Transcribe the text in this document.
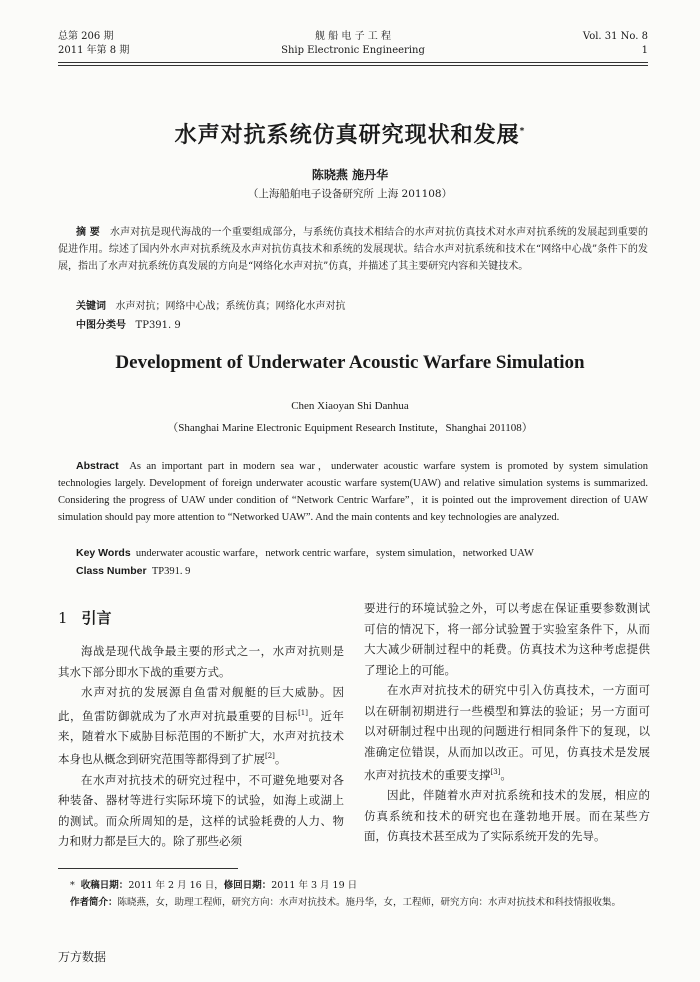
总第 206 期
2011 年第 8 期
舰 船 电 子 工 程
Ship Electronic Engineering
Vol. 31 No. 8
1
水声对抗系统仿真研究现状和发展*
陈晓燕 施丹华
（上海船舶电子设备研究所 上海 201108）
摘 要 水声对抗是现代海战的一个重要组成部分，与系统仿真技术相结合的水声对抗仿真技术对水声对抗系统的发展起到重要的促进作用。综述了国内外水声对抗系统及水声对抗仿真技术和系统的发展现状。结合水声对抗系统和技术在“网络中心战”条件下的发展，指出了水声对抗系统仿真发展的方向是“网络化水声对抗”仿真，并描述了其主要研究内容和关键技术。
关键词 水声对抗；网络中心战；系统仿真；网络化水声对抗
中图分类号 TP391. 9
Development of Underwater Acoustic Warfare Simulation
Chen Xiaoyan Shi Danhua
（Shanghai Marine Electronic Equipment Research Institute，Shanghai 201108）
Abstract As an important part in modern sea war，underwater acoustic warfare system is promoted by system simulation technologies largely. Development of foreign underwater acoustic warfare system(UAW) and relative simulation systems is summarized. Considering the progress of UAW under condition of “Network Centric Warfare”，it is pointed out the improvement direction of UAW simulation should pay more attention to “Networked UAW”. And the main contents and key technologies are analyzed.
Key Words underwater acoustic warfare，network centric warfare，system simulation，networked UAW
Class Number TP391. 9
1 引言

海战是现代战争最主要的形式之一，水声对抗则是其水下部分即水下战的重要方式。

水声对抗的发展源自鱼雷对舰艇的巨大威胁。因此，鱼雷防御就成为了水声对抗最重要的目标[1]。近年来，随着水下威胁目标范围的不断扩大，水声对抗技术本身也从概念到研究范围等都得到了扩展[2]。

在水声对抗技术的研究过程中，不可避免地要对各种装备、器材等进行实际环境下的试验，如海上或湖上的测试。而众所周知的是，这样的试验耗费的人力、物力和财力都是巨大的。除了那些必须

要进行的环境试验之外，可以考虑在保证重要参数测试可信的情况下，将一部分试验置于实验室条件下，从而大大减少研制过程中的耗费。仿真技术为这种考虑提供了理论上的可能。

在水声对抗技术的研究中引入仿真技术，一方面可以在研制初期进行一些模型和算法的验证；另一方面可以对研制过程中出现的问题进行相同条件下的复现，以准确定位错误，从而加以改正。可见，仿真技术是发展水声对抗技术的重要支撑[3]。

因此，伴随着水声对抗系统和技术的发展，相应的仿真系统和技术的研究也在蓬勃地开展。而在某些方面，仿真技术甚至成为了实际系统开发的先导。

* 收稿日期：2011 年 2 月 16 日，修回日期：2011 年 3 月 19 日
作者简介：陈晓燕，女，助理工程师，研究方向：水声对抗技术。施丹华，女，工程师，研究方向：水声对抗技术和科技情报收集。
万方数据
